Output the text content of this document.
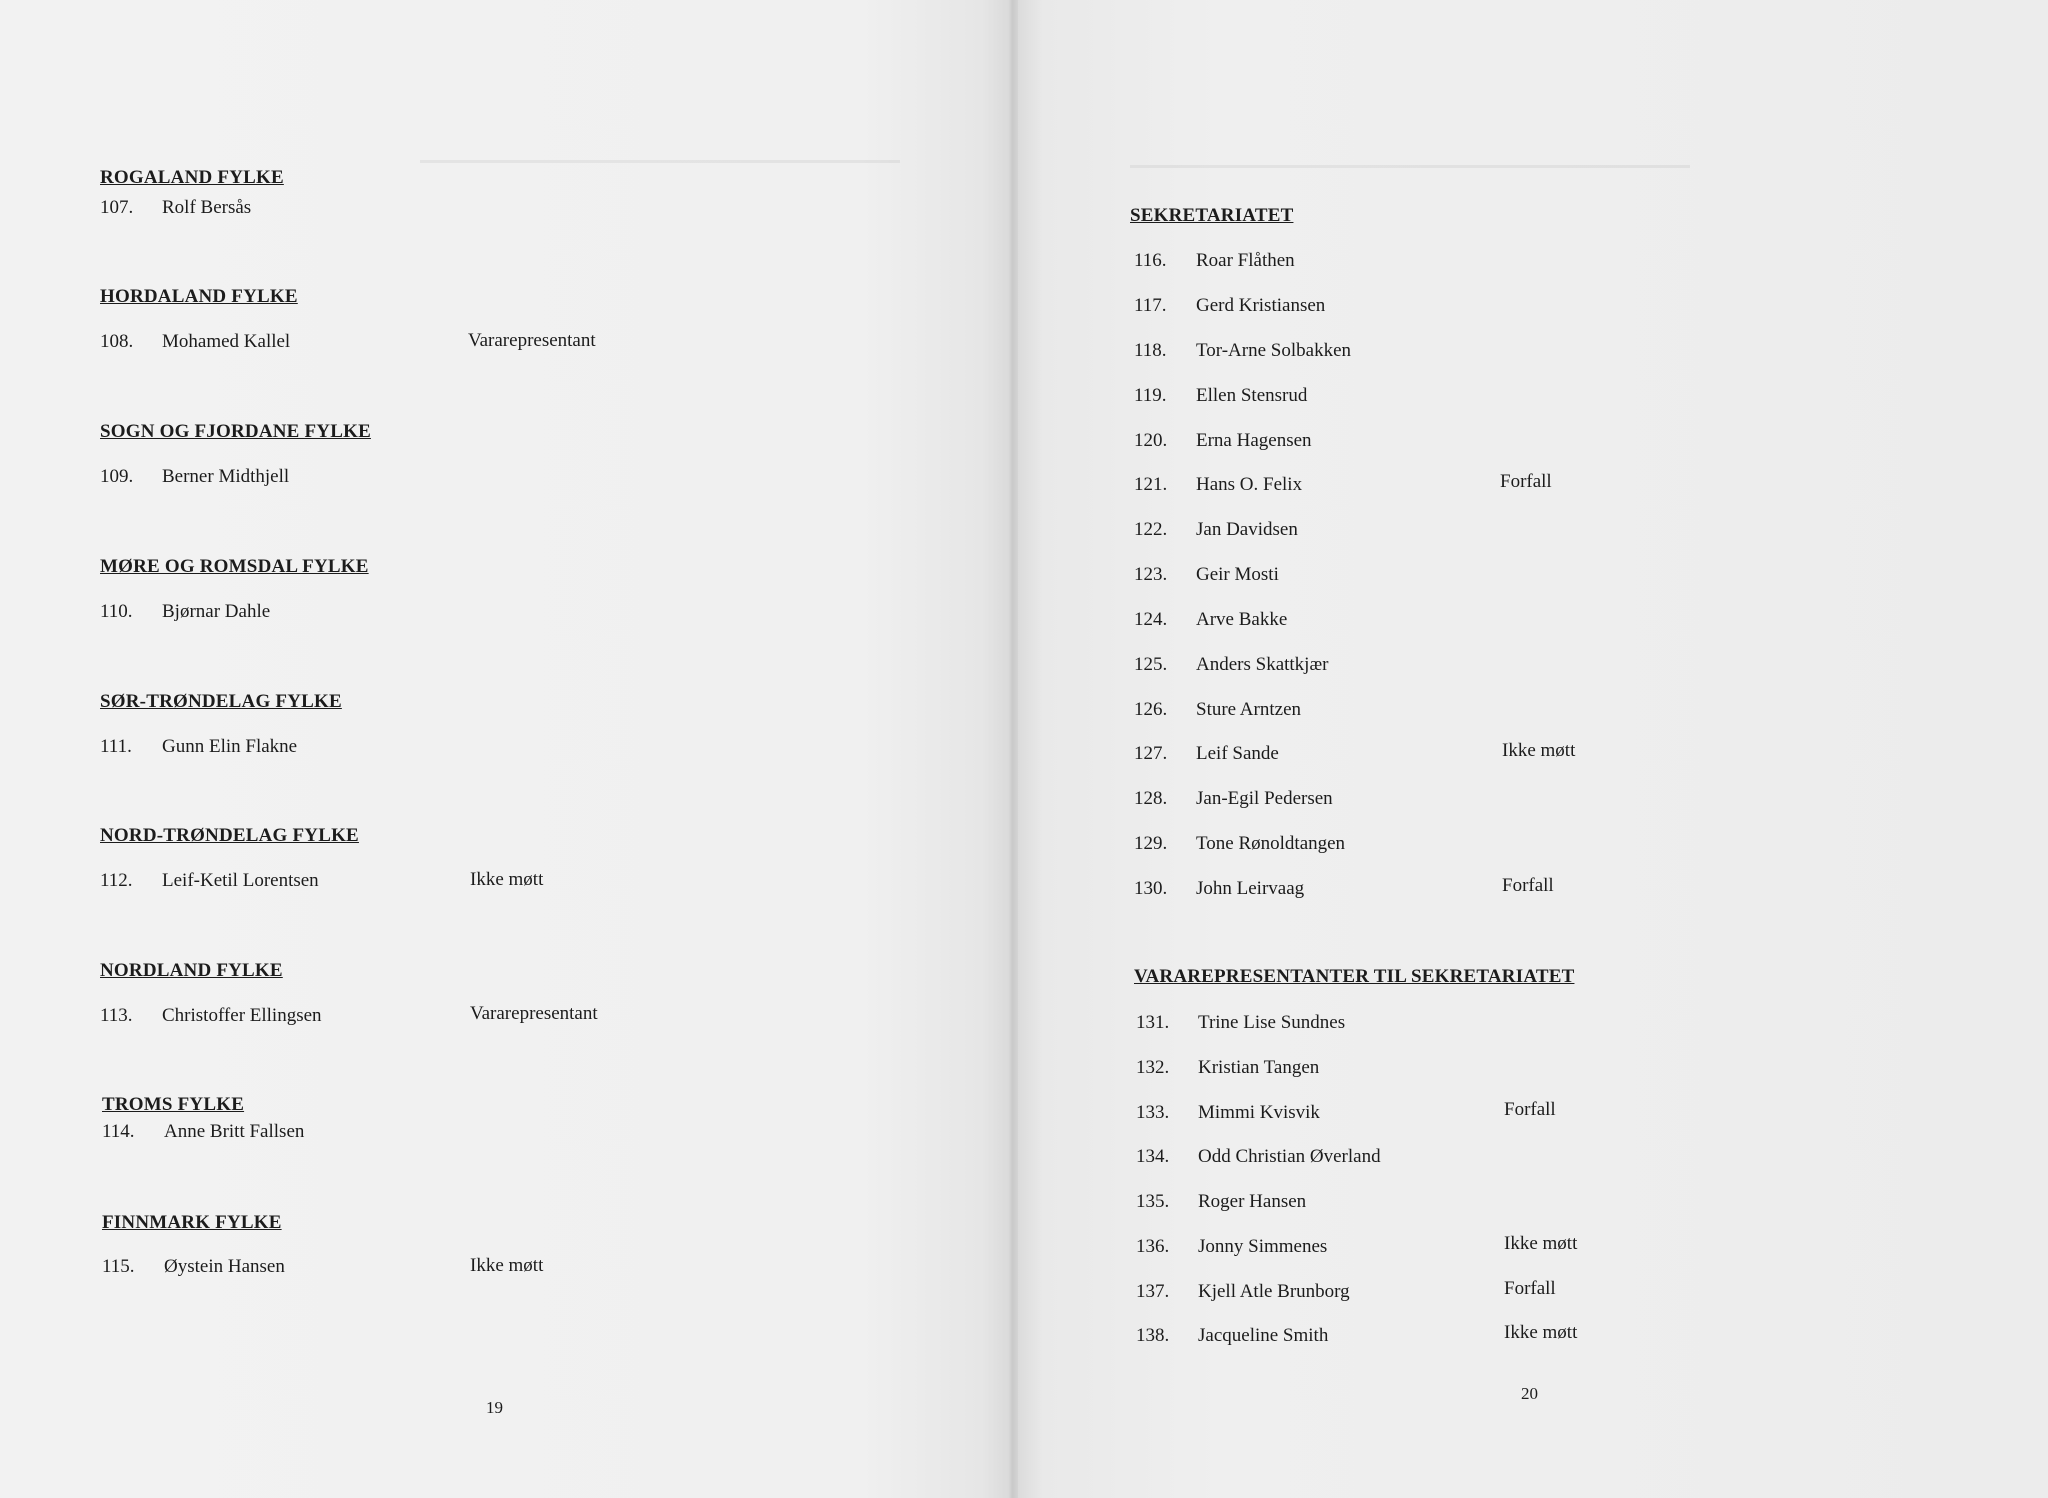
ROGALAND FYLKE
107. Rolf Bersås
HORDALAND FYLKE
108. Mohamed Kallel	Vararepresentant
SOGN OG FJORDANE FYLKE
109. Berner Midthjell
MØRE OG ROMSDAL FYLKE
110. Bjørnar Dahle
SØR-TRØNDELAG FYLKE
111. Gunn Elin Flakne
NORD-TRØNDELAG FYLKE
112. Leif-Ketil Lorentsen	Ikke møtt
NORDLAND FYLKE
113. Christoffer Ellingsen	Vararepresentant
TROMS FYLKE
114. Anne Britt Fallsen
FINNMARK FYLKE
115. Øystein Hansen	Ikke møtt
19
SEKRETARIATET
116. Roar Flåthen
117. Gerd Kristiansen
118. Tor-Arne Solbakken
119. Ellen Stensrud
120. Erna Hagensen
121. Hans O. Felix	Forfall
122. Jan Davidsen
123. Geir Mosti
124. Arve Bakke
125. Anders Skattkjær
126. Sture Arntzen
127. Leif Sande	Ikke møtt
128. Jan-Egil Pedersen
129. Tone Rønoldtangen
130. John Leirvaag	Forfall
VARAREPRESENTANTER TIL SEKRETARIATET
131. Trine Lise Sundnes
132. Kristian Tangen
133. Mimmi Kvisvik	Forfall
134. Odd Christian Øverland
135. Roger Hansen
136. Jonny Simmenes	Ikke møtt
137. Kjell Atle Brunborg	Forfall
138. Jacqueline Smith	Ikke møtt
20
